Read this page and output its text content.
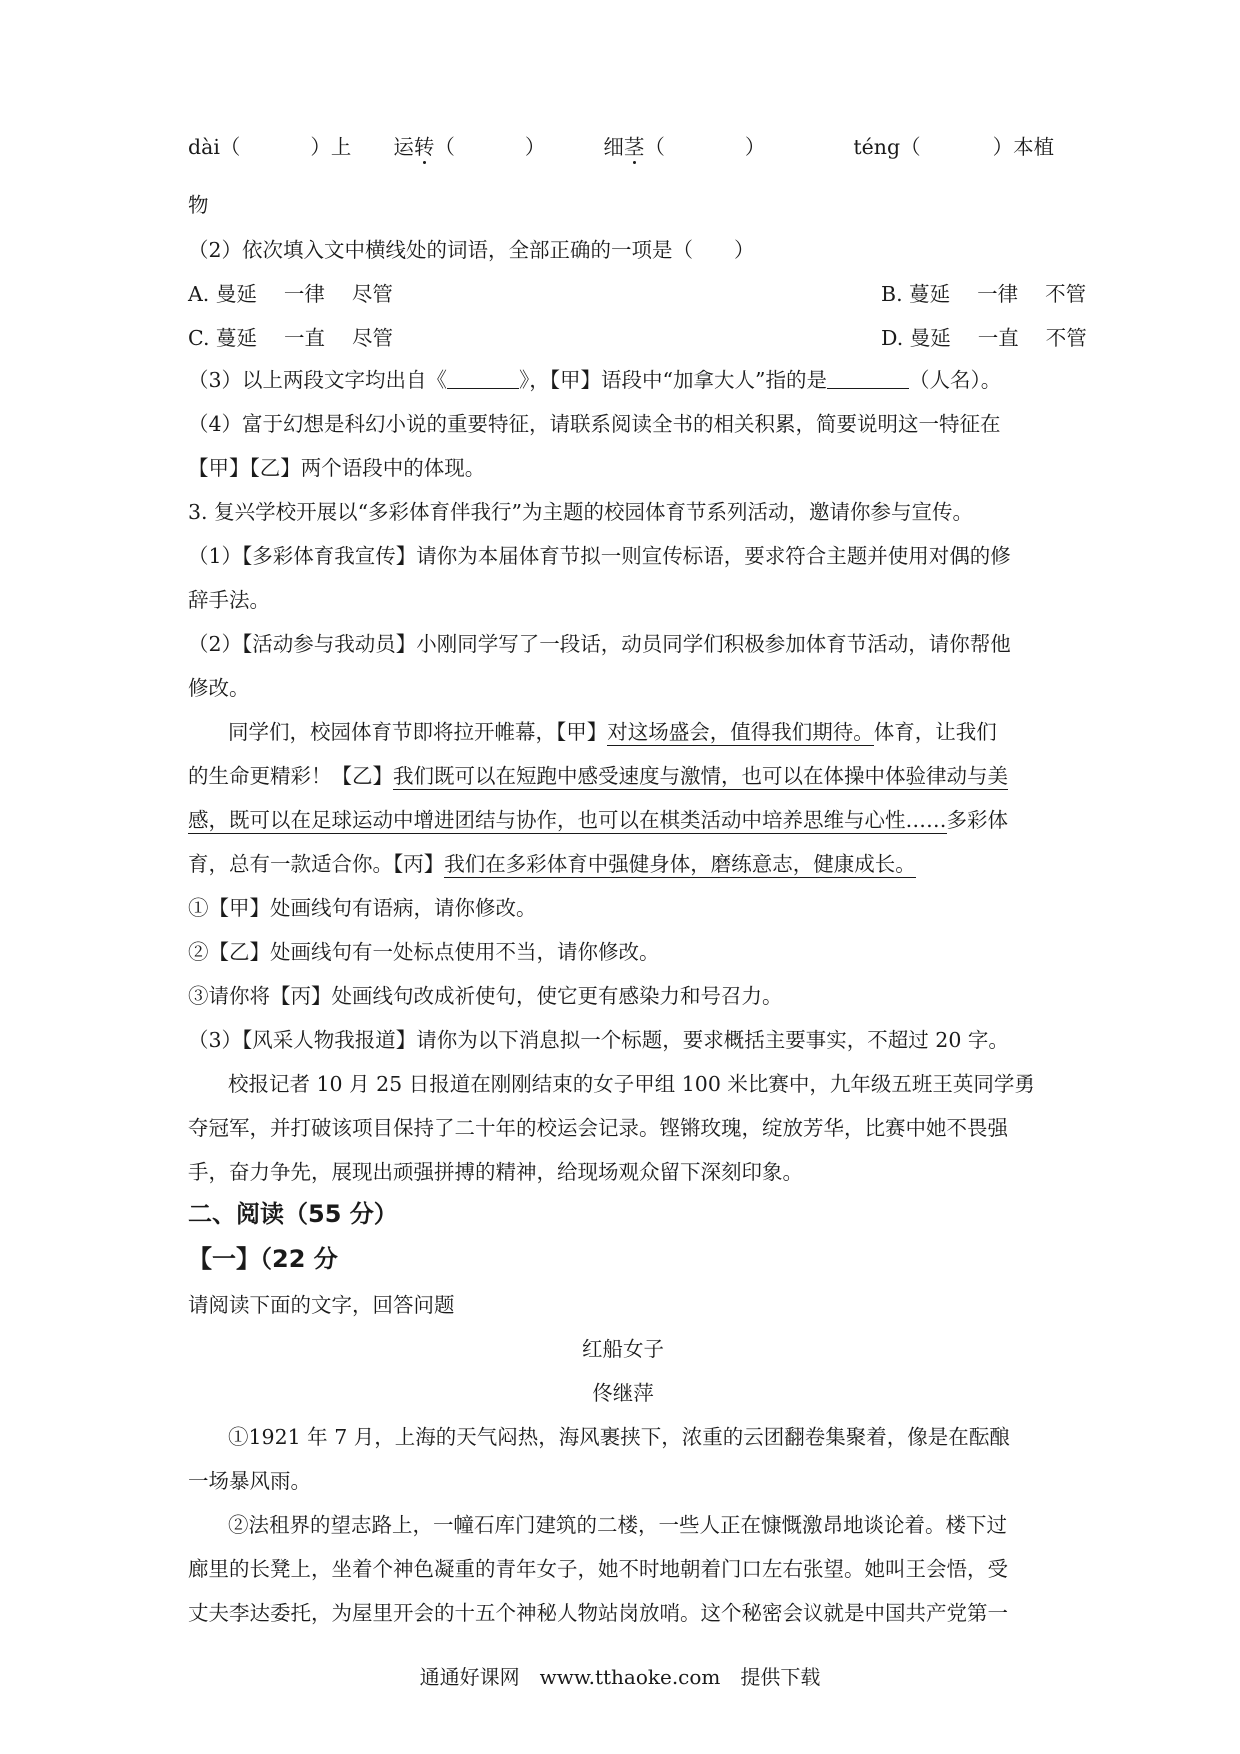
dài（	）上 运转（	）	细茎（	）	téng（	）本植
物
（2）依次填入文中横线处的词语，全部正确的一项是（　　）
A. 曼延　 一律　 尽管	B. 蔓延　 一律　 不管
C. 蔓延　 一直　 尽管	D. 曼延　 一直　 不管
（3）以上两段文字均出自《	》，【甲】语段中“加拿大人”指的是	（人名）。
（4）富于幻想是科幻小说的重要特征，请联系阅读全书的相关积累，简要说明这一特征在
【甲】【乙】两个语段中的体现。
3. 复兴学校开展以“多彩体育伴我行”为主题的校园体育节系列活动，邀请你参与宣传。
（1）【多彩体育我宣传】请你为本届体育节拟一则宣传标语，要求符合主题并使用对偶的修
辞手法。
（2）【活动参与我动员】小刚同学写了一段话，动员同学们积极参加体育节活动，请你帮他
修改。
同学们，校园体育节即将拉开帷幕，【甲】对这场盛会，值得我们期待。体育，让我们
的生命更精彩！【乙】我们既可以在短跑中感受速度与激情，也可以在体操中体验律动与美
感，既可以在足球运动中增进团结与协作，也可以在棋类活动中培养思维与心性……多彩体
育，总有一款适合你。【丙】我们在多彩体育中强健身体，磨练意志，健康成长。
①【甲】处画线句有语病，请你修改。
②【乙】处画线句有一处标点使用不当，请你修改。
③请你将【丙】处画线句改成祈使句，使它更有感染力和号召力。
（3）【风采人物我报道】请你为以下消息拟一个标题，要求概括主要事实，不超过 20 字。
校报记者 10 月 25 日报道在刚刚结束的女子甲组 100 米比赛中，九年级五班王英同学勇
夺冠军，并打破该项目保持了二十年的校运会记录。铿锵玫瑰，绽放芳华，比赛中她不畏强
手，奋力争先，展现出顽强拼搏的精神，给现场观众留下深刻印象。
二、阅读（55 分）
【一】（22 分
请阅读下面的文字，回答问题
红船女子
佟继萍
①1921 年 7 月，上海的天气闷热，海风裹挟下，浓重的云团翻卷集聚着，像是在酝酿
一场暴风雨。
②法租界的望志路上，一幢石库门建筑的二楼，一些人正在慷慨激昂地谈论着。楼下过
廊里的长凳上，坐着个神色凝重的青年女子，她不时地朝着门口左右张望。她叫王会悟，受
丈夫李达委托，为屋里开会的十五个神秘人物站岗放哨。这个秘密会议就是中国共产党第一
通通好课网　www.tthaoke.com　提供下载
